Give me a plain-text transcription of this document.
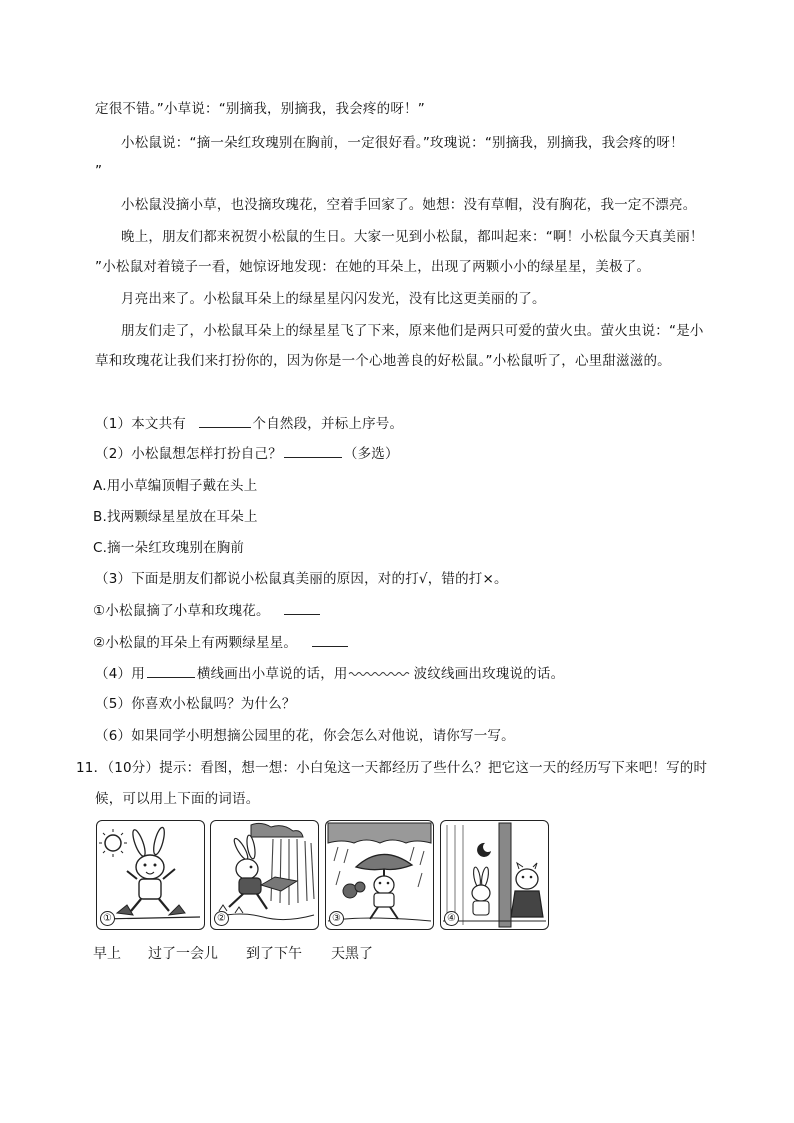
定很不错。”小草说：“别摘我，别摘我，我会疼的呀！”
小松鼠说：“摘一朵红玫瑰别在胸前，一定很好看。”玫瑰说：“别摘我，别摘我，我会疼的呀！
”
小松鼠没摘小草，也没摘玫瑰花，空着手回家了。她想：没有草帽，没有胸花，我一定不漂亮。
晚上，朋友们都来祝贺小松鼠的生日。大家一见到小松鼠，都叫起来：“啊！小松鼠今天真美丽！
”小松鼠对着镜子一看，她惊讶地发现：在她的耳朵上，出现了两颗小小的绿星星，美极了。
月亮出来了。小松鼠耳朵上的绿星星闪闪发光，没有比这更美丽的了。
朋友们走了，小松鼠耳朵上的绿星星飞了下来，原来他们是两只可爱的萤火虫。萤火虫说：“是小
草和玫瑰花让我们来打扮你的，因为你是一个心地善良的好松鼠。”小松鼠听了，心里甜滋滋的。
（1）本文共有	个自然段，并标上序号。
（2）小松鼠想怎样打扮自己？	（多选）
A.用小草编顶帽子戴在头上
B.找两颗绿星星放在耳朵上
C.摘一朵红玫瑰别在胸前
（3）下面是朋友们都说小松鼠真美丽的原因，对的打√，错的打×。
①小松鼠摘了小草和玫瑰花。
②小松鼠的耳朵上有两颗绿星星。
（4）用	横线画出小草说的话，用	波纹线画出玫瑰说的话。
（5）你喜欢小松鼠吗？为什么？
（6）如果同学小明想摘公园里的花，你会怎么对他说，请你写一写。
11．（10分）提示：看图，想一想：小白兔这一天都经历了些什么？把它这一天的经历写下来吧！写的时
候，可以用上下面的词语。
①	②	③	④
早上 过了一会儿 到了下午 天黑了
